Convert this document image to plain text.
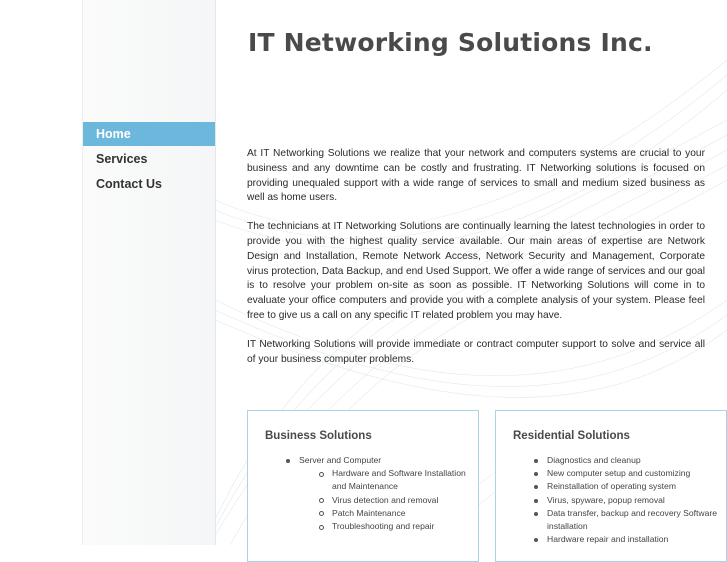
Home
Services
Contact Us
IT Networking Solutions Inc.

At IT Networking Solutions we realize that your network and computers systems are crucial to your business and any downtime can be costly and frustrating. IT Networking solutions is focused on providing unequaled support with a wide range of services to small and medium sized business as well as home users.

The technicians at IT Networking Solutions are continually learning the latest technologies in order to provide you with the highest quality service available. Our main areas of expertise are Network Design and Installation, Remote Network Access, Network Security and Management, Corporate virus protection, Data Backup, and end Used Support. We offer a wide range of services and our goal is to resolve your problem on-site as soon as possible. IT Networking Solutions will come in to evaluate your office computers and provide you with a complete analysis of your system. Please feel free to give us a call on any specific IT related problem you may have.

IT Networking Solutions will provide immediate or contract computer support to solve and service all of your business computer problems.

Business Solutions
Server and Computer
Hardware and Software Installation and Maintenance
Virus detection and removal
Patch Maintenance
Troubleshooting and repair
Residential Solutions
Diagnostics and cleanup
New computer setup and customizing
Reinstallation of operating system
Virus, spyware, popup removal
Data transfer, backup and recovery Software installation
Hardware repair and installation
